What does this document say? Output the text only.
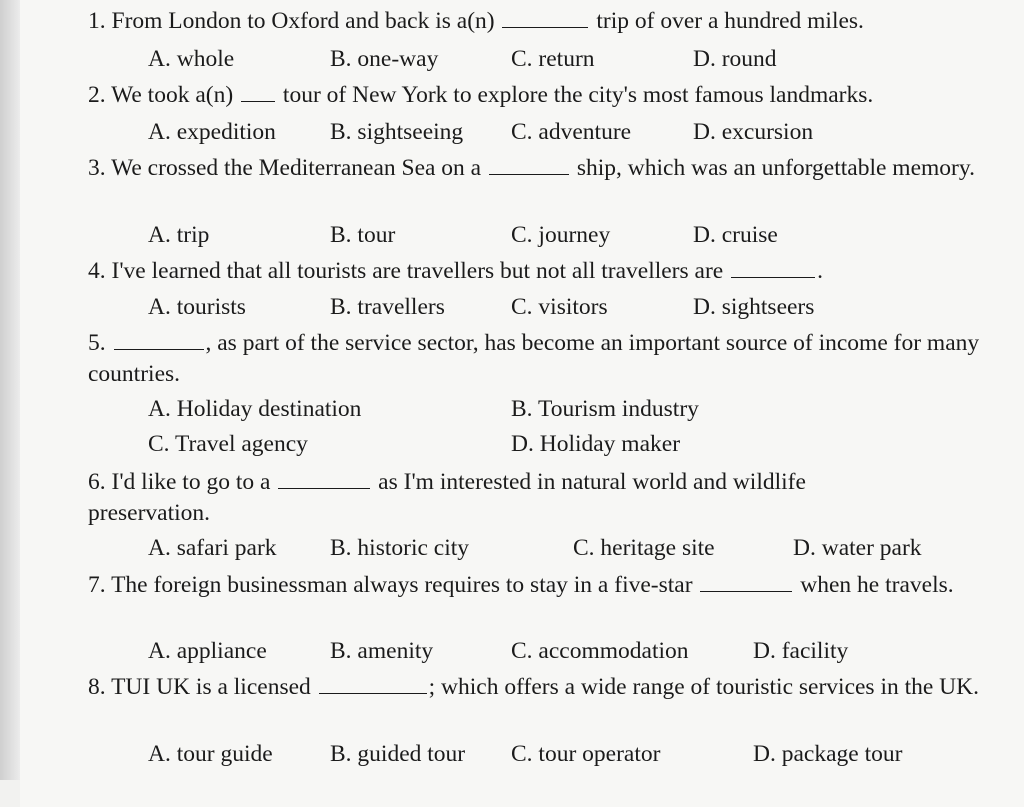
1. From London to Oxford and back is a(n)	trip of over a hundred miles.
A. whole	B. one-way	C. return	D. round
2. We took a(n) tour of New York to explore the city's most famous landmarks.
A. expedition B. sightseeing C. adventure	D. excursion
3. We crossed the Mediterranean Sea on a	ship, which was an unforgettable memory.
A. trip	B. tour	C. journey	D. cruise
4. I've learned that all tourists are travellers but not all travellers are	.
A. tourists	B. travellers	C. visitors	D. sightseers
5.	, as part of the service sector, has become an important source of income for many countries.
A. Holiday destination	B. Tourism industry
C. Travel agency	D. Holiday maker
6. I'd like to go to a	as I'm interested in natural world and wildlife preservation.
A. safari park B. historic city	C. heritage site	D. water park
7. The foreign businessman always requires to stay in a five-star	when he travels.
A. appliance	B. amenity	C. accommodation	D. facility
8. TUI UK is a licensed	; which offers a wide range of touristic services in the UK.
A. tour guide B. guided tour C. tour operator	D. package tour
